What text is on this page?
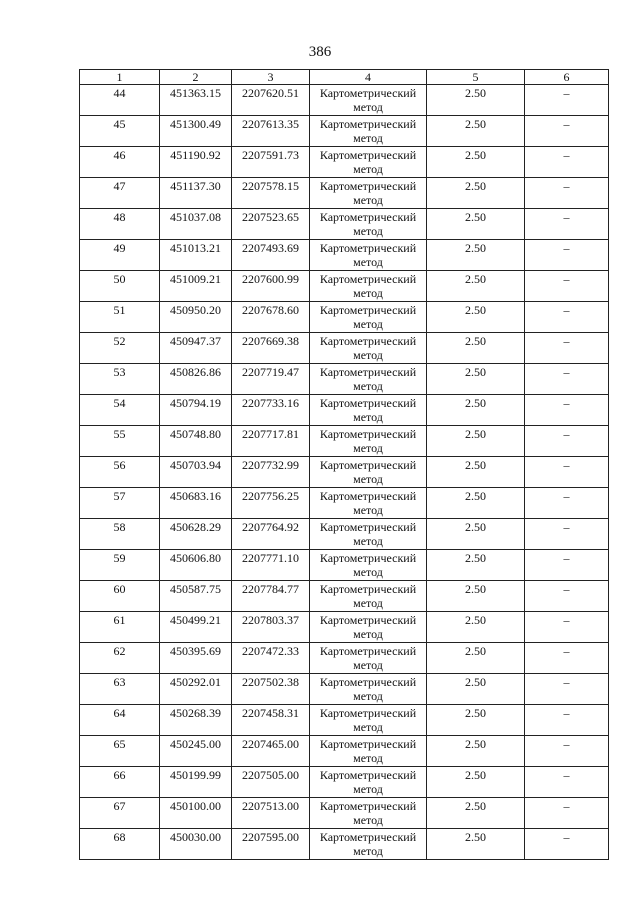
386
1	2	3	4	5	6
44	451363.15	2207620.51	Картометрический метод	2.50	–
45	451300.49	2207613.35	Картометрический метод	2.50	–
46	451190.92	2207591.73	Картометрический метод	2.50	–
47	451137.30	2207578.15	Картометрический метод	2.50	–
48	451037.08	2207523.65	Картометрический метод	2.50	–
49	451013.21	2207493.69	Картометрический метод	2.50	–
50	451009.21	2207600.99	Картометрический метод	2.50	–
51	450950.20	2207678.60	Картометрический метод	2.50	–
52	450947.37	2207669.38	Картометрический метод	2.50	–
53	450826.86	2207719.47	Картометрический метод	2.50	–
54	450794.19	2207733.16	Картометрический метод	2.50	–
55	450748.80	2207717.81	Картометрический метод	2.50	–
56	450703.94	2207732.99	Картометрический метод	2.50	–
57	450683.16	2207756.25	Картометрический метод	2.50	–
58	450628.29	2207764.92	Картометрический метод	2.50	–
59	450606.80	2207771.10	Картометрический метод	2.50	–
60	450587.75	2207784.77	Картометрический метод	2.50	–
61	450499.21	2207803.37	Картометрический метод	2.50	–
62	450395.69	2207472.33	Картометрический метод	2.50	–
63	450292.01	2207502.38	Картометрический метод	2.50	–
64	450268.39	2207458.31	Картометрический метод	2.50	–
65	450245.00	2207465.00	Картометрический метод	2.50	–
66	450199.99	2207505.00	Картометрический метод	2.50	–
67	450100.00	2207513.00	Картометрический метод	2.50	–
68	450030.00	2207595.00	Картометрический метод	2.50	–
